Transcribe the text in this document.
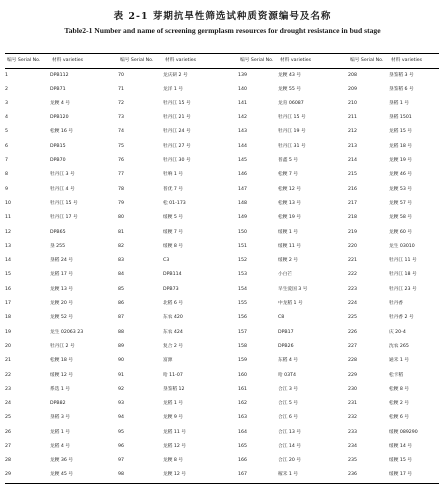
表 2-1 芽期抗旱性筛选试种质资源编号及名称
Table2-1 Number and name of screening germplasm resources for drought resistance in bud stage
编号 Serial No.	材料 varieties	编号 Serial No.	材料 varieties	编号 Serial No.	材料 varieties	编号 Serial No.	材料 varieties
1	DPB112	70	龙庆研 2 号	139	龙粳 43 号	208	垦鉴稻 3 号
2	DPB71	71	龙洋 1 号	140	龙粳 55 号	209	垦鉴稻 6 号
3	龙粳 4 号	72	牡丹江 15 号	141	龙育 06087	210	垦稻 1 号
4	DPB120	73	牡丹江 21 号	142	牡丹江 15 号	211	垦稻 1501
5	松粳 16 号	74	牡丹江 24 号	143	牡丹江 19 号	212	龙稻 15 号
6	DPB15	75	牡丹江 27 号	144	牡丹江 31 号	213	龙稻 18 号
7	DPB70	76	牡丹江 30 号	145	普鑫 5 号	214	龙粳 19 号
8	牡丹江 3 号	77	牡响 1 号	146	松粳 7 号	215	龙粳 46 号
9	牡丹江 4 号	78	普优 7 号	147	松粳 12 号	216	龙粳 53 号
10	牡丹江 15 号	79	松 01-173	148	松粳 13 号	217	龙粳 57 号
11	牡丹江 17 号	80	绥粳 5 号	149	松粳 19 号	218	龙粳 58 号
12	DPB65	81	绥粳 7 号	150	绥粳 1 号	219	龙粳 60 号
13	垦 255	82	绥粳 8 号	151	绥粳 11 号	220	龙生 03010
14	垦稻 24 号	83	C3	152	绥粳 2 号	221	牡丹江 11 号
15	龙稻 17 号	84	DPB114	153	小白芒	222	牡丹江 18 号
16	龙粳 13 号	85	DPB73	154	早生爱国 3 号	223	牡丹江 23 号
17	龙粳 20 号	86	北稻 6 号	155	中龙稻 1 号	224	牡丹香
18	龙粳 52 号	87	东农 420	156	C8	225	牡丹香 2 号
19	龙生 02063 23	88	东农 424	157	DPB17	226	庆 20-4
20	牡丹江 2 号	89	复合 2 号	158	DPB26	227	沈农 265
21	松粳 18 号	90	富源	159	东稻 4 号	228	通禾 1 号
22	绥粳 12 号	91	哈 11-07	160	哈 03T4	229	松卡稻
23	系选 1 号	92	垦鉴稻 12	161	合江 3 号	230	松粳 8 号
24	DPB82	93	龙稻 1 号	162	合江 5 号	231	松粳 2 号
25	垦稻 3 号	94	龙粳 9 号	163	合江 6 号	232	松粳 6 号
26	龙稻 1 号	95	龙稻 11 号	164	合江 13 号	233	绥粳 089290
27	龙稻 4 号	96	龙稻 12 号	165	合江 14 号	234	绥粳 14 号
28	龙粳 36 号	97	龙粳 8 号	166	合江 20 号	235	绥粳 15 号
29	龙粳 45 号	98	龙粳 12 号	167	稼禾 1 号	236	绥粳 17 号
